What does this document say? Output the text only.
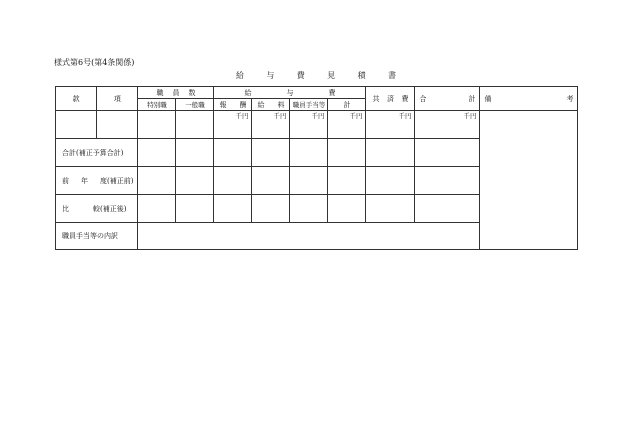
様式第6号(第4条関係)
給	与	費	見	積	書
款	項	職 員 数		給 与 費				共 済 費	合 計	備 考

		特別職	一般職	報 酬	給 料	職員手当等	計			
				千円	千円	千円	千円	千円	千円	
合計(補正予算合計)										

前 年 度(補正前)										

比 較(補正後)										

職員手当等の内訳										
